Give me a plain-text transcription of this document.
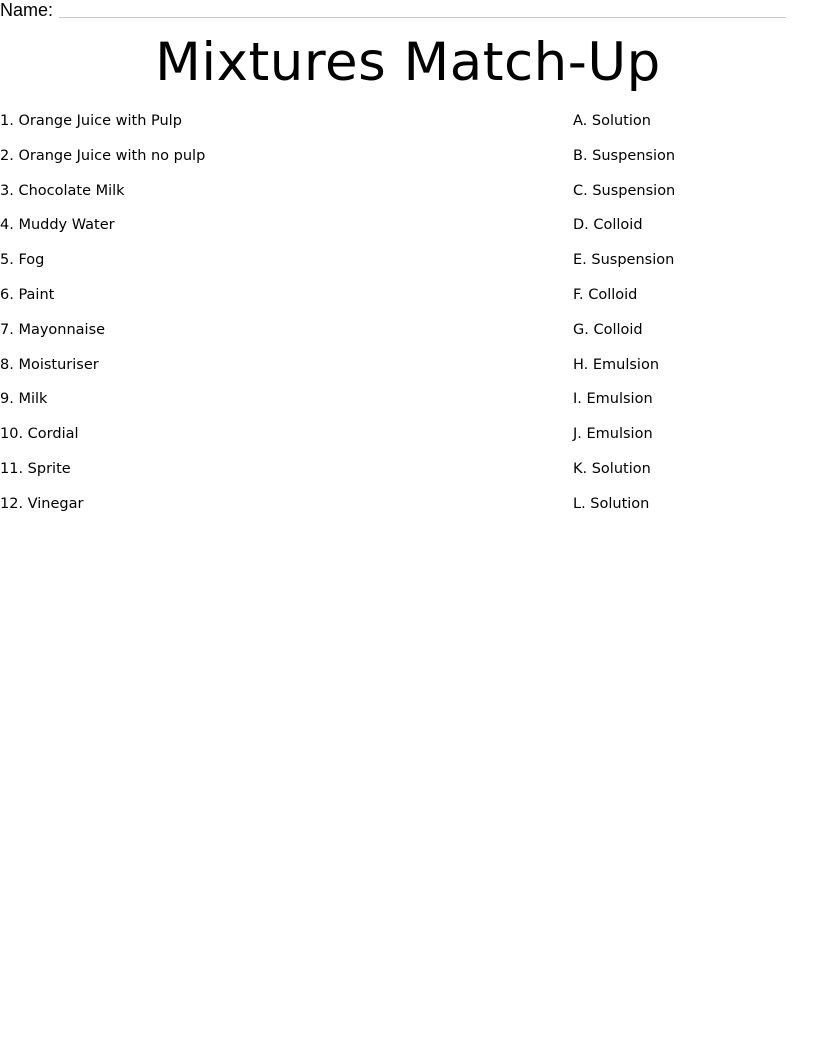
Name:
Mixtures Match-Up
1. Orange Juice with Pulp
2. Orange Juice with no pulp
3. Chocolate Milk
4. Muddy Water
5. Fog
6. Paint
7. Mayonnaise
8. Moisturiser
9. Milk
10. Cordial
11. Sprite
12. Vinegar
A. Solution
B. Suspension
C. Suspension
D. Colloid
E. Suspension
F. Colloid
G. Colloid
H. Emulsion
I. Emulsion
J. Emulsion
K. Solution
L. Solution
